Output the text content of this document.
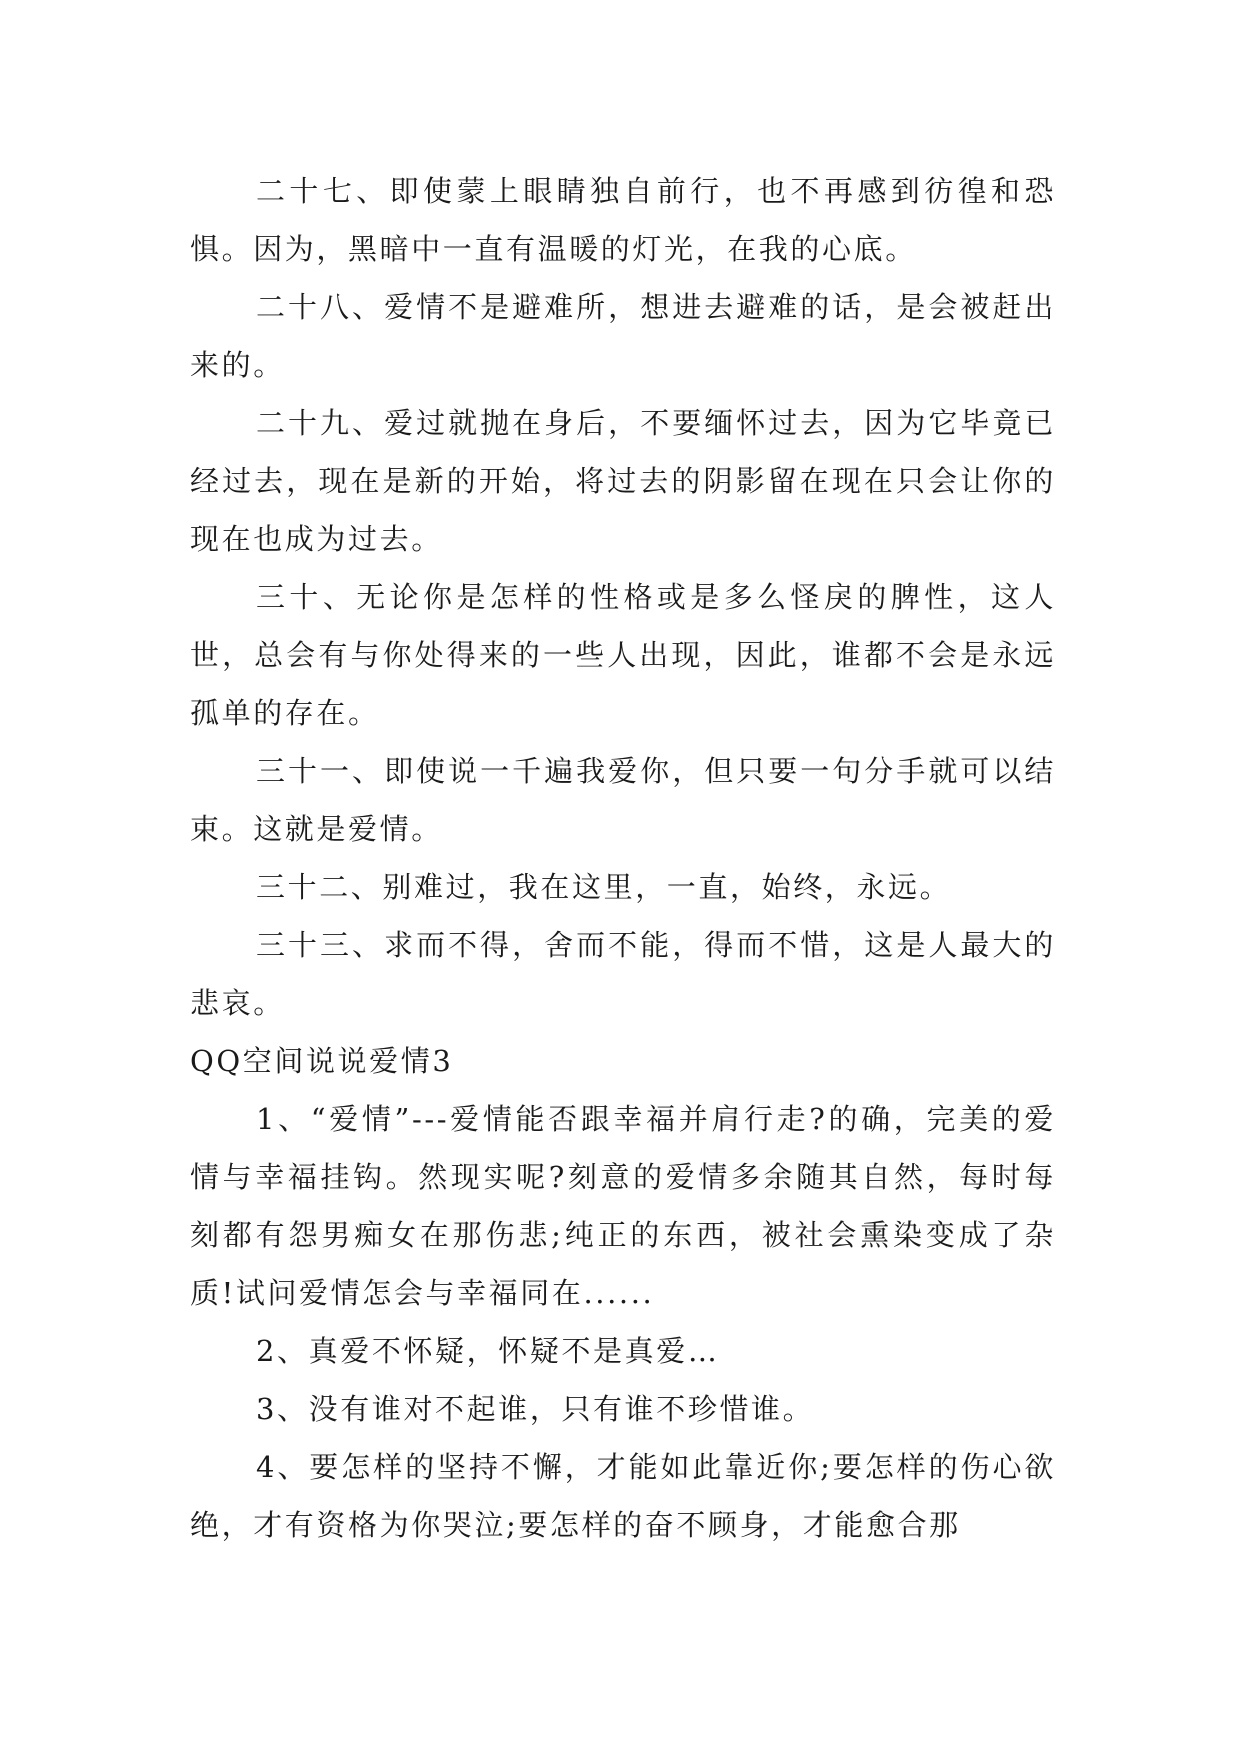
二十七、即使蒙上眼睛独自前行，也不再感到彷徨和恐惧。因为，黑暗中一直有温暖的灯光，在我的心底。

二十八、爱情不是避难所，想进去避难的话，是会被赶出来的。

二十九、爱过就抛在身后，不要缅怀过去，因为它毕竟已经过去，现在是新的开始，将过去的阴影留在现在只会让你的现在也成为过去。

三十、无论你是怎样的性格或是多么怪戾的脾性，这人世，总会有与你处得来的一些人出现，因此，谁都不会是永远孤单的存在。

三十一、即使说一千遍我爱你，但只要一句分手就可以结束。这就是爱情。

三十二、别难过，我在这里，一直，始终，永远。

三十三、求而不得，舍而不能，得而不惜，这是人最大的悲哀。

QQ空间说说爱情3

1、“爱情”---爱情能否跟幸福并肩行走?的确，完美的爱情与幸福挂钩。然现实呢?刻意的爱情多余随其自然，每时每刻都有怨男痴女在那伤悲;纯正的东西，被社会熏染变成了杂质!试问爱情怎会与幸福同在......

2、真爱不怀疑，怀疑不是真爱…

3、没有谁对不起谁，只有谁不珍惜谁。

4、要怎样的坚持不懈，才能如此靠近你;要怎样的伤心欲绝，才有资格为你哭泣;要怎样的奋不顾身，才能愈合那
